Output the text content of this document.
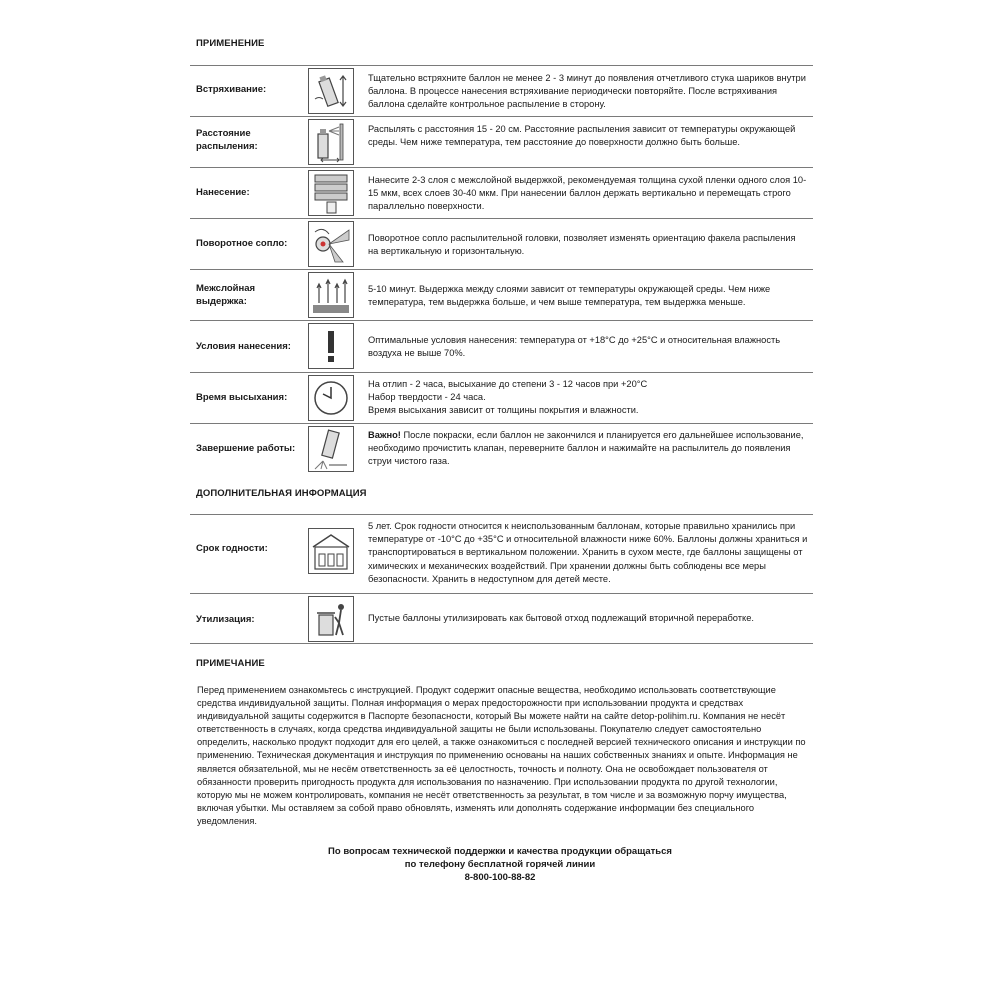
ПРИМЕНЕНИЕ
Встряхивание:
Тщательно встряхните баллон не менее 2 - 3 минут до появления отчетливого стука шариков внутри баллона. В процессе нанесения встряхивание периодически повторяйте. После встряхивания баллона сделайте контрольное распыление в сторону.
Расстояние распыления:
Распылять с расстояния 15 - 20 см. Расстояние распыления зависит от температуры окружающей среды. Чем ниже температура, тем расстояние до поверхности должно быть больше.
Нанесение:
Нанесите 2-3 слоя с межслойной выдержкой, рекомендуемая толщина сухой пленки одного слоя 10-15 мкм, всех слоев 30-40 мкм. При нанесении баллон держать вертикально и перемещать строго параллельно поверхности.
Поворотное сопло:	Поворотное сопло распылительной головки, позволяет изменять ориентацию факела распыления на вертикальную и горизонтальную.
Межслойная выдержка:
5-10 минут. Выдержка между слоями зависит от температуры окружающей среды. Чем ниже температура, тем выдержка больше, и чем выше температура, тем выдержка меньше.
Условия нанесения:
Оптимальные условия нанесения: температура от +18°С до +25°С и относительная влажность воздуха не выше 70%.
Время высыхания:
На отлип - 2 часа, высыхание до степени 3 - 12 часов при +20°С
Набор твердости - 24 часа.
Время высыхания зависит от толщины покрытия и влажности.
Завершение работы:
Важно! После покраски, если баллон не закончился и планируется его дальнейшее использование, необходимо прочистить клапан, переверните баллон и нажимайте на распылитель до появления струи чистого газа.
ДОПОЛНИТЕЛЬНАЯ ИНФОРМАЦИЯ
Срок годности:
5 лет. Срок годности относится к неиспользованным баллонам, которые правильно хранились при температуре от -10°С до +35°С и относительной влажности ниже 60%. Баллоны должны храниться и транспортироваться в вертикальном положении. Хранить в сухом месте, где баллоны защищены от химических и механических воздействий. При хранении должны быть соблюдены все меры безопасности. Хранить в недоступном для детей месте.
Утилизация:	Пустые баллоны утилизировать как бытовой отход подлежащий вторичной переработке.
ПРИМЕЧАНИЕ
Перед применением ознакомьтесь с инструкцией. Продукт содержит опасные вещества, необходимо использовать соответствующие средства индивидуальной защиты. Полная информация о мерах предосторожности при использовании продукта и средствах индивидуальной защиты содержится в Паспорте безопасности, который Вы можете найти на сайте detop-polihim.ru. Компания не несёт ответственность в случаях, когда средства индивидуальной защиты не были использованы. Покупателю следует самостоятельно определить, насколько продукт подходит для его целей, а также ознакомиться с последней версией технического описания и инструкции по применению. Техническая документация и инструкция по применению основаны на наших собственных знаниях и опыте. Информация не является обязательной, мы не несём ответственность за её целостность, точность и полноту. Она не освобождает пользователя от обязанности проверить пригодность продукта для использования по назначению. При использовании продукта по другой технологии, которую мы не можем контролировать, компания не несёт ответственность за результат, в том числе и за возможную порчу имущества, включая убытки. Мы оставляем за собой право обновлять, изменять или дополнять содержание информации без специального уведомления.
По вопросам технической поддержки и качества продукции обращаться
по телефону бесплатной горячей линии
8-800-100-88-82
